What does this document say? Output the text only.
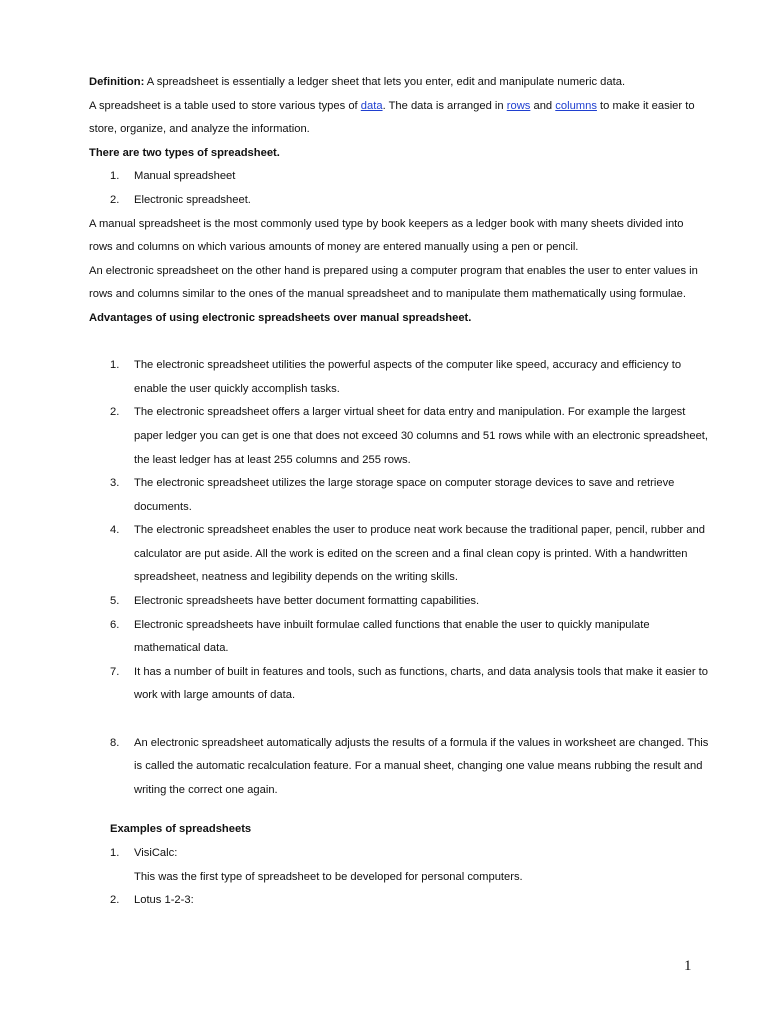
Definition: A spreadsheet is essentially a ledger sheet that lets you enter, edit and manipulate numeric data.

A spreadsheet is a table used to store various types of data. The data is arranged in rows and columns to make it easier to store, organize, and analyze the information.

There are two types of spreadsheet.

1. Manual spreadsheet
2. Electronic spreadsheet.

A manual spreadsheet is the most commonly used type by book keepers as a ledger book with many sheets divided into rows and columns on which various amounts of money are entered manually using a pen or pencil.

An electronic spreadsheet on the other hand is prepared using a computer program that enables the user to enter values in rows and columns similar to the ones of the manual spreadsheet and to manipulate them mathematically using formulae.

Advantages of using electronic spreadsheets over manual spreadsheet.

1. The electronic spreadsheet utilities the powerful aspects of the computer like speed, accuracy and efficiency to enable the user quickly accomplish tasks.
2. The electronic spreadsheet offers a larger virtual sheet for data entry and manipulation. For example the largest paper ledger you can get is one that does not exceed 30 columns and 51 rows while with an electronic spreadsheet, the least ledger has at least 255 columns and 255 rows.
3. The electronic spreadsheet utilizes the large storage space on computer storage devices to save and retrieve documents.
4. The electronic spreadsheet enables the user to produce neat work because the traditional paper, pencil, rubber and calculator are put aside. All the work is edited on the screen and a final clean copy is printed. With a handwritten spreadsheet, neatness and legibility depends on the writing skills.
5. Electronic spreadsheets have better document formatting capabilities.
6. Electronic spreadsheets have inbuilt formulae called functions that enable the user to quickly manipulate mathematical data.
7. It has a number of built in features and tools, such as functions, charts, and data analysis tools that make it easier to work with large amounts of data.
8. An electronic spreadsheet automatically adjusts the results of a formula if the values in worksheet are changed. This is called the automatic recalculation feature. For a manual sheet, changing one value means rubbing the result and writing the correct one again.

Examples of spreadsheets

1. VisiCalc:
This was the first type of spreadsheet to be developed for personal computers.
2. Lotus 1-2-3:
1
